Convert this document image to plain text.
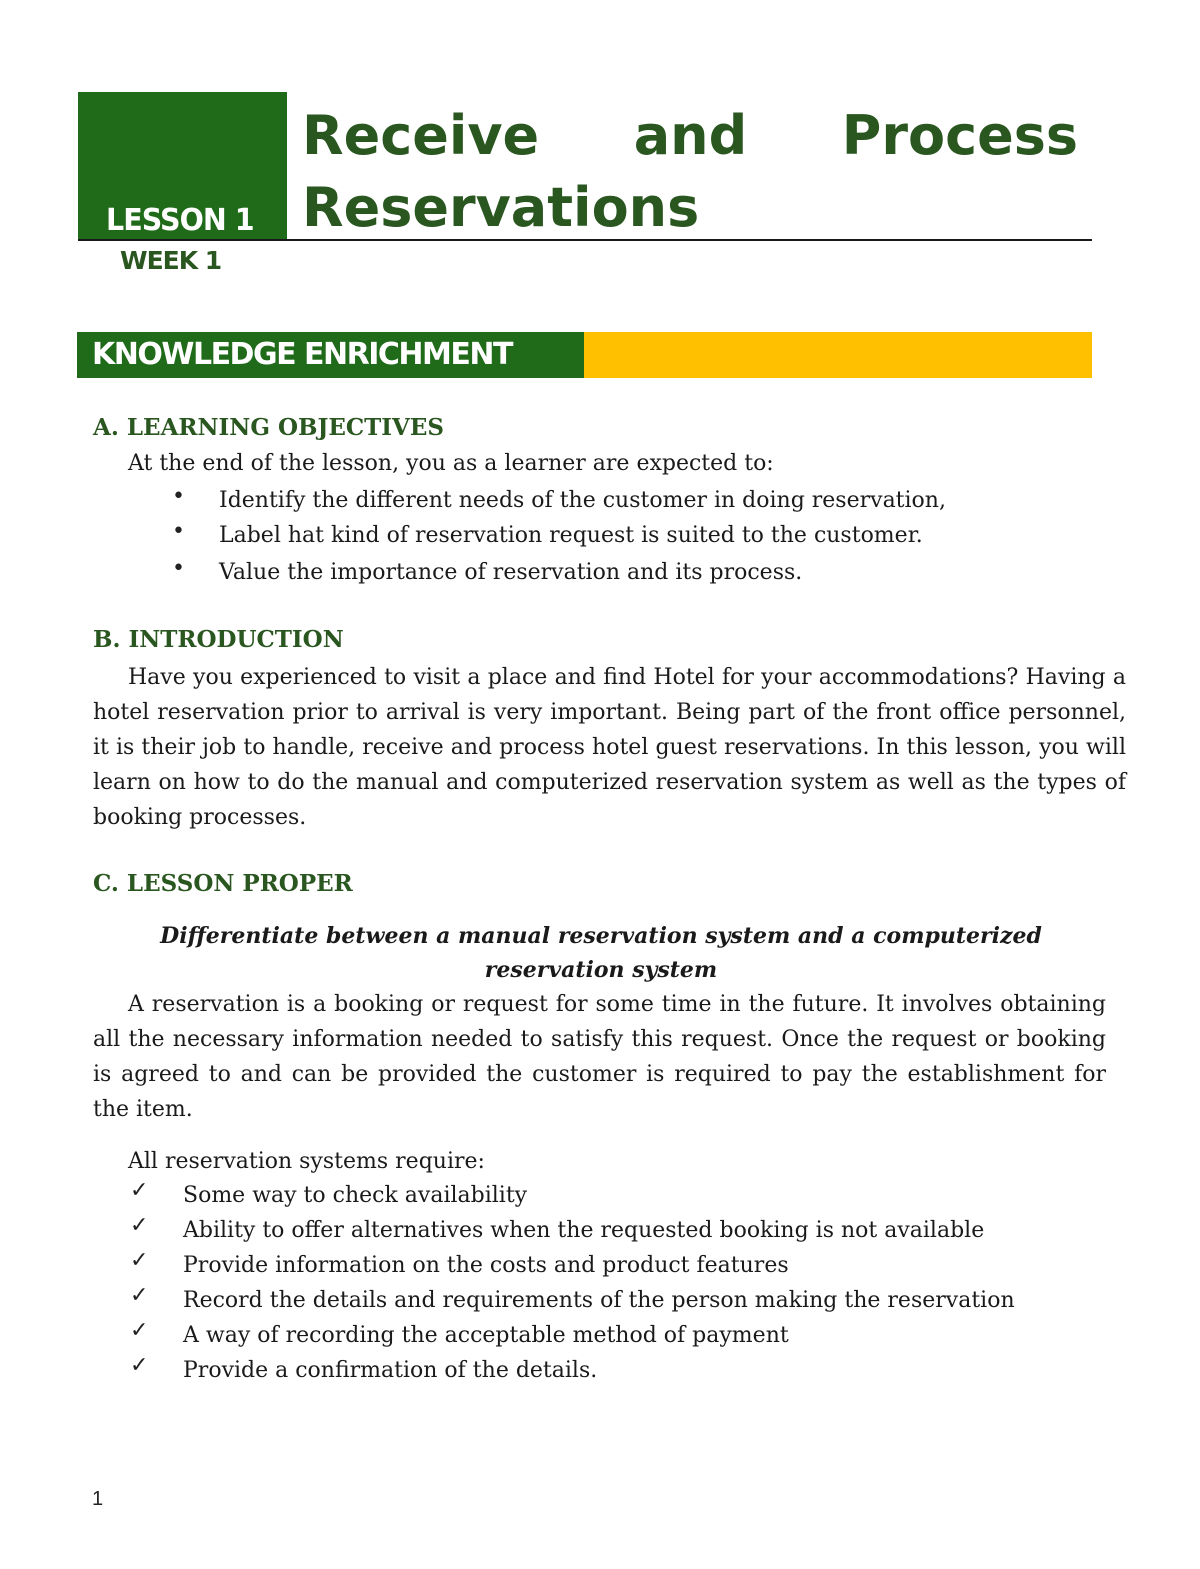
LESSON 1
Receive and Process
Reservations
WEEK 1
KNOWLEDGE ENRICHMENT
A. LEARNING OBJECTIVES

At the end of the lesson, you as a learner are expected to:

• Identify the different needs of the customer in doing reservation,

• Label hat kind of reservation request is suited to the customer.

• Value the importance of reservation and its process.

B. INTRODUCTION

Have you experienced to visit a place and find Hotel for your accommodations? Having a hotel reservation prior to arrival is very important. Being part of the front office personnel, it is their job to handle, receive and process hotel guest reservations. In this lesson, you will learn on how to do the manual and computerized reservation system as well as the types of booking processes.

C. LESSON PROPER

Differentiate between a manual reservation system and a computerized
reservation system

A reservation is a booking or request for some time in the future. It involves obtaining all the necessary information needed to satisfy this request. Once the request or booking is agreed to and can be provided the customer is required to pay the establishment for the item.

All reservation systems require:

✓ Some way to check availability

✓ Ability to offer alternatives when the requested booking is not available

✓ Provide information on the costs and product features

✓ Record the details and requirements of the person making the reservation

✓ A way of recording the acceptable method of payment

✓ Provide a confirmation of the details.

1
